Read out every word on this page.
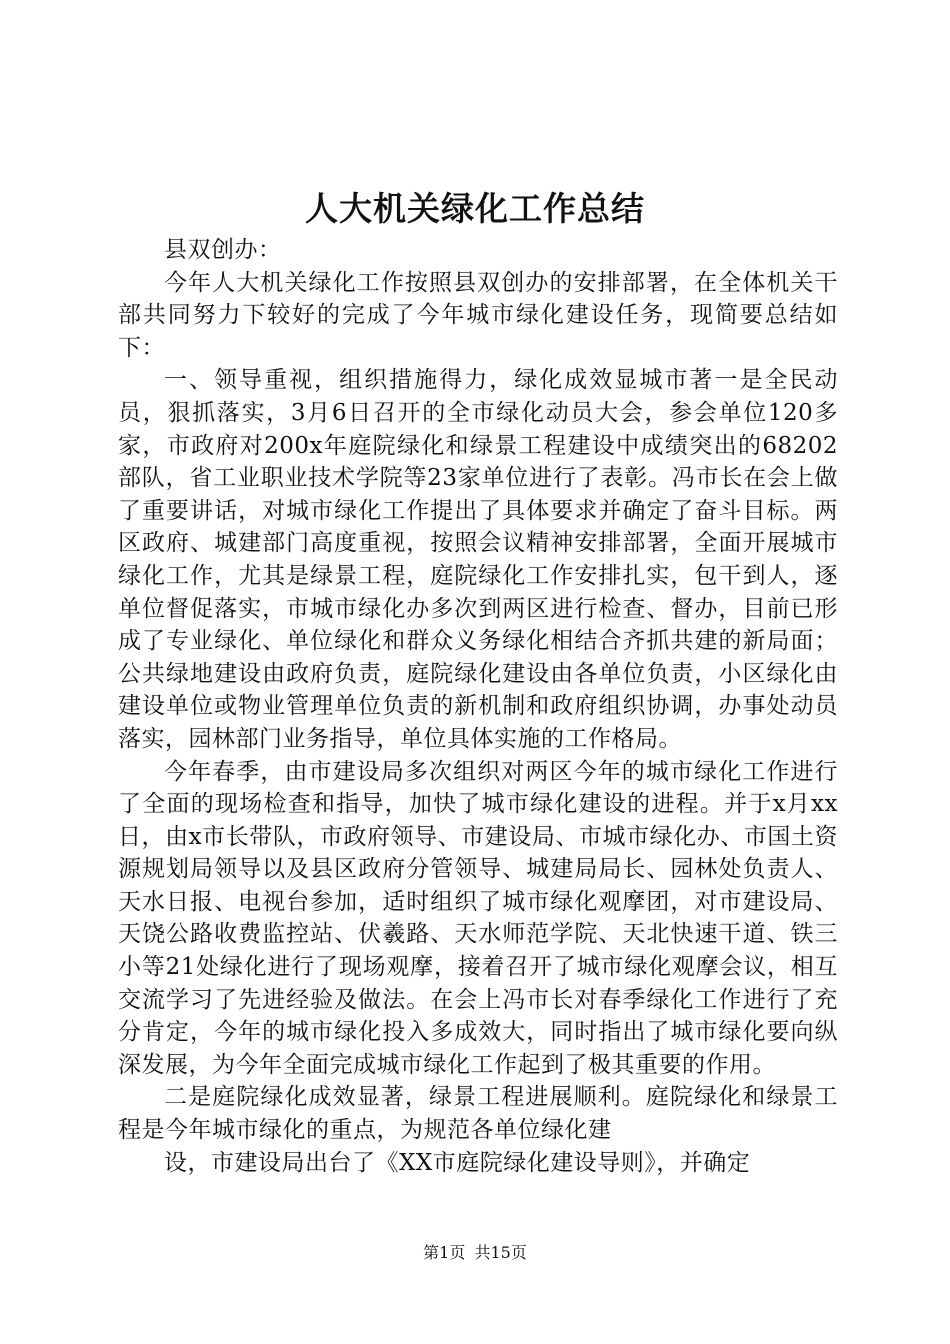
人大机关绿化工作总结

县双创办：

今年人大机关绿化工作按照县双创办的安排部署，在全体机关干部共同努力下较好的完成了今年城市绿化建设任务，现简要总结如下：

一、领导重视，组织措施得力，绿化成效显城市著一是全民动员，狠抓落实，3月6日召开的全市绿化动员大会，参会单位120多家，市政府对200x年庭院绿化和绿景工程建设中成绩突出的68202部队，省工业职业技术学院等23家单位进行了表彰。冯市长在会上做了重要讲话，对城市绿化工作提出了具体要求并确定了奋斗目标。两区政府、城建部门高度重视，按照会议精神安排部署，全面开展城市绿化工作，尤其是绿景工程，庭院绿化工作安排扎实，包干到人，逐单位督促落实，市城市绿化办多次到两区进行检查、督办，目前已形成了专业绿化、单位绿化和群众义务绿化相结合齐抓共建的新局面；公共绿地建设由政府负责，庭院绿化建设由各单位负责，小区绿化由建设单位或物业管理单位负责的新机制和政府组织协调，办事处动员落实，园林部门业务指导，单位具体实施的工作格局。

今年春季，由市建设局多次组织对两区今年的城市绿化工作进行了全面的现场检查和指导，加快了城市绿化建设的进程。并于x月xx日，由x市长带队，市政府领导、市建设局、市城市绿化办、市国土资源规划局领导以及县区政府分管领导、城建局局长、园林处负责人、天水日报、电视台参加，适时组织了城市绿化观摩团，对市建设局、天饶公路收费监控站、伏羲路、天水师范学院、天北快速干道、铁三小等21处绿化进行了现场观摩，接着召开了城市绿化观摩会议，相互交流学习了先进经验及做法。在会上冯市长对春季绿化工作进行了充分肯定，今年的城市绿化投入多成效大，同时指出了城市绿化要向纵深发展，为今年全面完成城市绿化工作起到了极其重要的作用。

二是庭院绿化成效显著，绿景工程进展顺利。庭院绿化和绿景工程是今年城市绿化的重点，为规范各单位绿化建

设，市建设局出台了《XX市庭院绿化建设导则》，并确定

第1页 共15页
